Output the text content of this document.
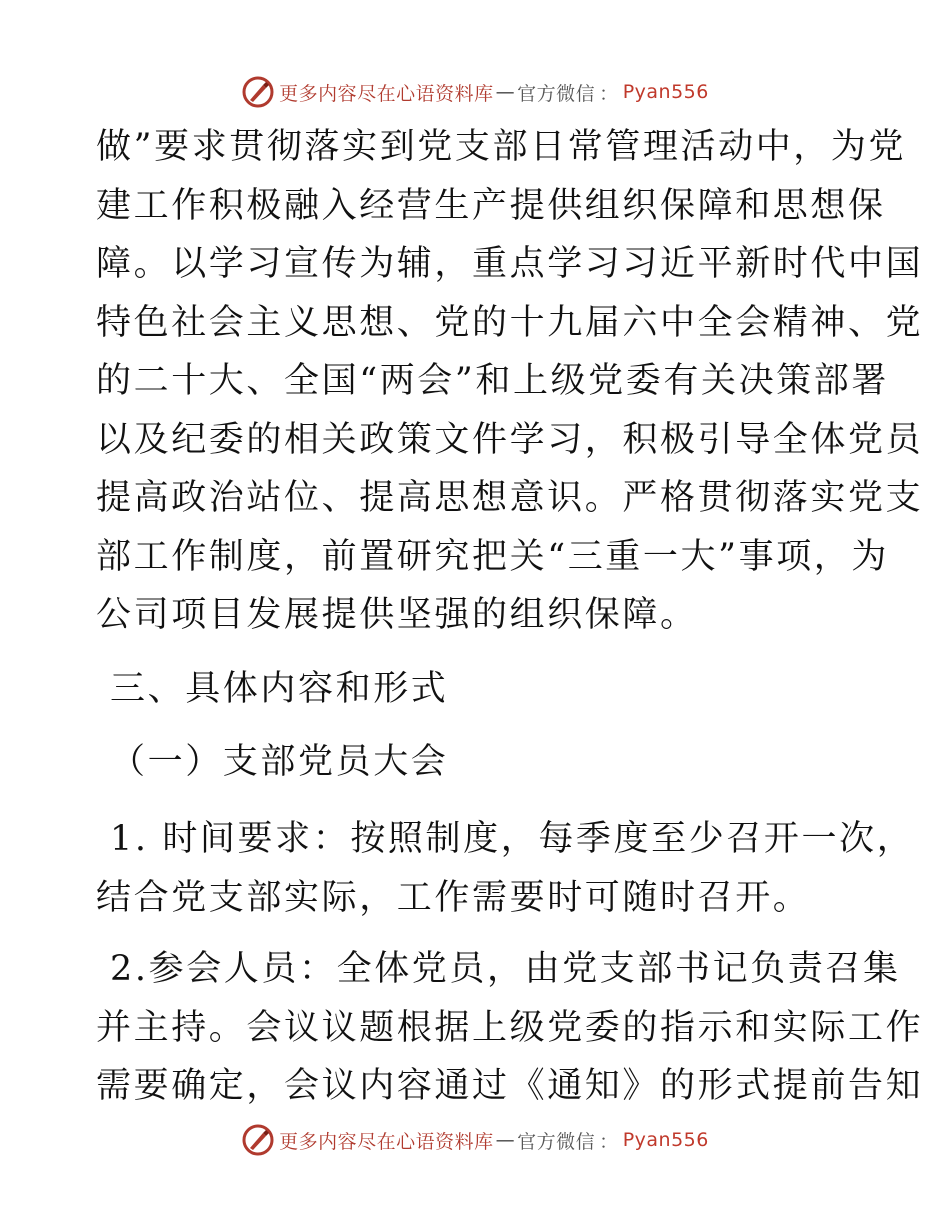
更多内容尽在心语资料库 — 官方微信 ： Pyan556
做”要求贯彻落实到党支部日常管理活动中，为党
建工作积极融入经营生产提供组织保障和思想保
障。以学习宣传为辅，重点学习习近平新时代中国
特色社会主义思想、党的十九届六中全会精神、党
的二十大、全国“两会”和上级党委有关决策部署
以及纪委的相关政策文件学习，积极引导全体党员
提高政治站位、提高思想意识。严格贯彻落实党支
部工作制度，前置研究把关“三重一大”事项，为
公司项目发展提供坚强的组织保障。
三、具体内容和形式
（一）支部党员大会
1. 时间要求：按照制度，每季度至少召开一次，
结合党支部实际，工作需要时可随时召开。
2.参会人员：全体党员，由党支部书记负责召集
并主持。会议议题根据上级党委的指示和实际工作
需要确定，会议内容通过《通知》的形式提前告知
更多内容尽在心语资料库 — 官方微信 ： Pyan556
